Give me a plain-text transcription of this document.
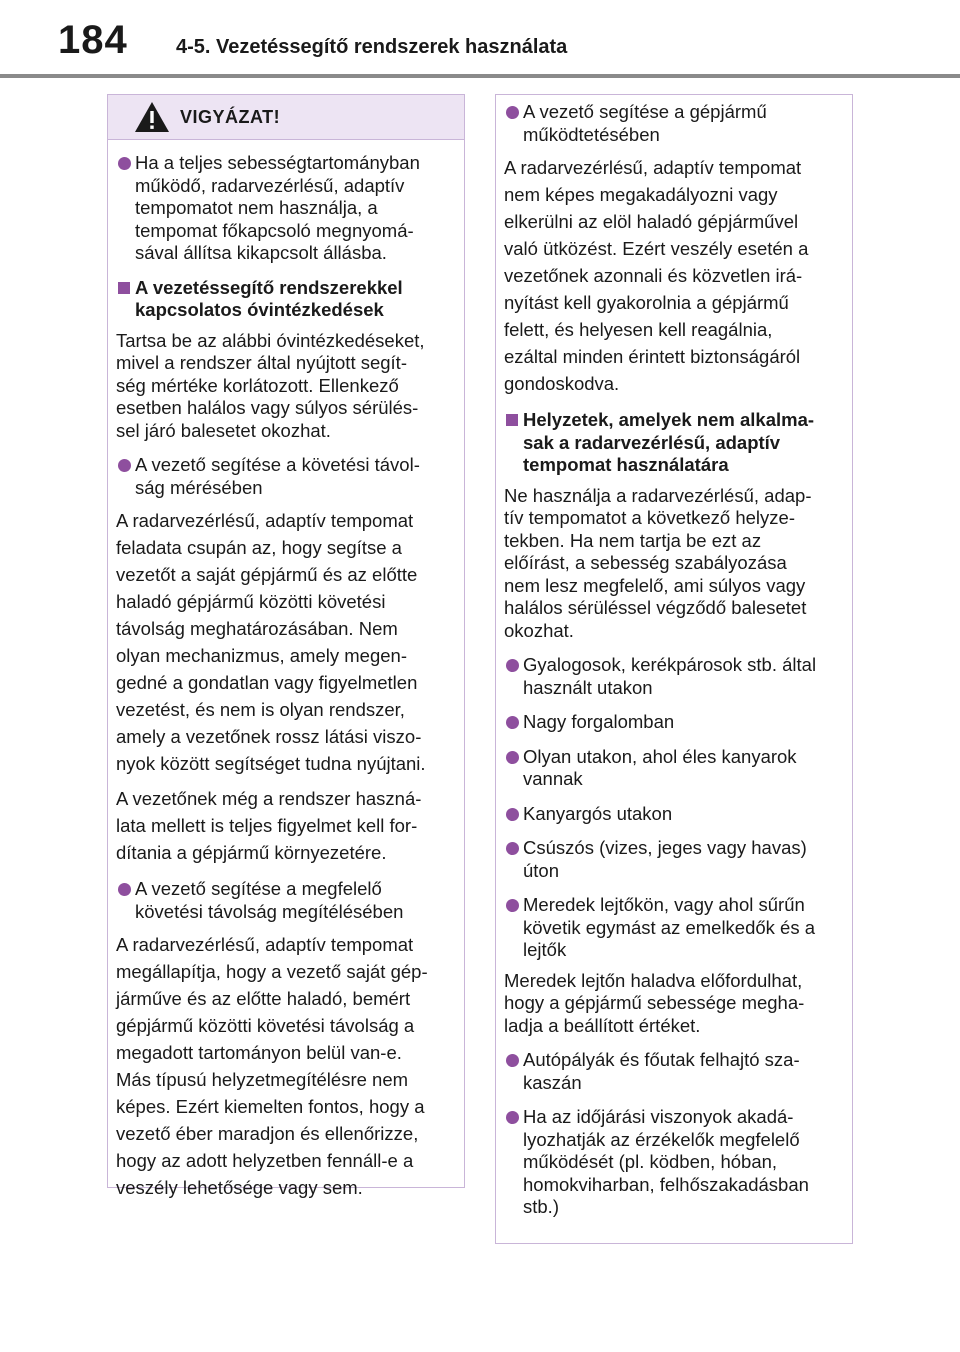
184 4-5. Vezetéssegítő rendszerek használata
VIGYÁZAT!
Ha a teljes sebességtartományban
működő, radarvezérlésű, adaptív
tempomatot nem használja, a
tempomat főkapcsoló megnyomá-
sával állítsa kikapcsolt állásba.
A vezetéssegítő rendszerekkel
kapcsolatos óvintézkedések
Tartsa be az alábbi óvintézkedéseket,
mivel a rendszer által nyújtott segít-
ség mértéke korlátozott. Ellenkező
esetben halálos vagy súlyos sérülés-
sel járó balesetet okozhat.
A vezető segítése a követési távol-
ság mérésében
A radarvezérlésű, adaptív tempomat
feladata csupán az, hogy segítse a
vezetőt a saját gépjármű és az előtte
haladó gépjármű közötti követési
távolság meghatározásában. Nem
olyan mechanizmus, amely megen-
gedné a gondatlan vagy figyelmetlen
vezetést, és nem is olyan rendszer,
amely a vezetőnek rossz látási viszo-
nyok között segítséget tudna nyújtani.
A vezetőnek még a rendszer haszná-
lata mellett is teljes figyelmet kell for-
dítania a gépjármű környezetére.
A vezető segítése a megfelelő
követési távolság megítélésében
A radarvezérlésű, adaptív tempomat
megállapítja, hogy a vezető saját gép-
járműve és az előtte haladó, bemért
gépjármű közötti követési távolság a
megadott tartományon belül van-e.
Más típusú helyzetmegítélésre nem
képes. Ezért kiemelten fontos, hogy a
vezető éber maradjon és ellenőrizze,
hogy az adott helyzetben fennáll-e a
veszély lehetősége vagy sem.
A vezető segítése a gépjármű
működtetésében
A radarvezérlésű, adaptív tempomat
nem képes megakadályozni vagy
elkerülni az elöl haladó gépjárművel
való ütközést. Ezért veszély esetén a
vezetőnek azonnali és közvetlen irá-
nyítást kell gyakorolnia a gépjármű
felett, és helyesen kell reagálnia,
ezáltal minden érintett biztonságáról
gondoskodva.
Helyzetek, amelyek nem alkalma-
sak a radarvezérlésű, adaptív
tempomat használatára
Ne használja a radarvezérlésű, adap-
tív tempomatot a következő helyze-
tekben. Ha nem tartja be ezt az
előírást, a sebesség szabályozása
nem lesz megfelelő, ami súlyos vagy
halálos sérüléssel végződő balesetet
okozhat.
Gyalogosok, kerékpárosok stb. által
használt utakon
Nagy forgalomban
Olyan utakon, ahol éles kanyarok
vannak
Kanyargós utakon
Csúszós (vizes, jeges vagy havas)
úton
Meredek lejtőkön, vagy ahol sűrűn
követik egymást az emelkedők és a
lejtők
Meredek lejtőn haladva előfordulhat,
hogy a gépjármű sebessége megha-
ladja a beállított értéket.
Autópályák és főutak felhajtó sza-
kaszán
Ha az időjárási viszonyok akadá-
lyozhatják az érzékelők megfelelő
működését (pl. ködben, hóban,
homokviharban, felhőszakadásban
stb.)
